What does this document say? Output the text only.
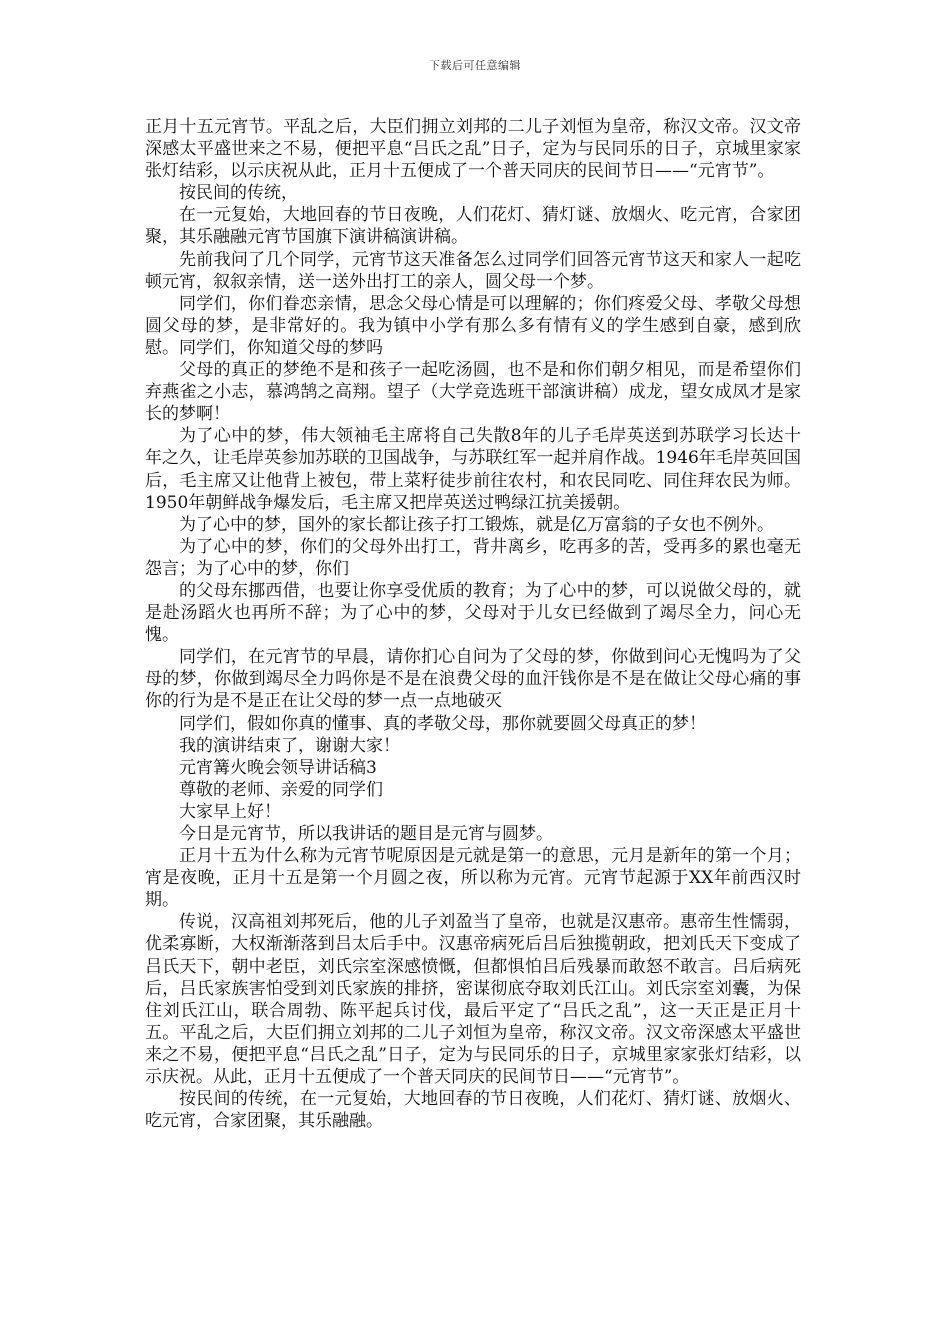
下载后可任意编辑

正月十五元宵节。平乱之后，大臣们拥立刘邦的二儿子刘恒为皇帝，称汉文帝。汉文帝深感太平盛世来之不易，便把平息“吕氏之乱”日子，定为与民同乐的日子，京城里家家张灯结彩，以示庆祝从此，正月十五便成了一个普天同庆的民间节日——“元宵节”。

按民间的传统，

在一元复始，大地回春的节日夜晚，人们花灯、猜灯谜、放烟火、吃元宵，合家团聚，其乐融融元宵节国旗下演讲稿演讲稿。

先前我问了几个同学，元宵节这天准备怎么过同学们回答元宵节这天和家人一起吃顿元宵，叙叙亲情，送一送外出打工的亲人，圆父母一个梦。

同学们，你们眷恋亲情，思念父母心情是可以理解的；你们疼爱父母、孝敬父母想圆父母的梦，是非常好的。我为镇中小学有那么多有情有义的学生感到自豪，感到欣慰。同学们，你知道父母的梦吗

父母的真正的梦绝不是和孩子一起吃汤圆，也不是和你们朝夕相见，而是希望你们弃燕雀之小志，慕鸿鹄之高翔。望子（大学竞选班干部演讲稿）成龙，望女成凤才是家长的梦啊！

为了心中的梦，伟大领袖毛主席将自己失散8年的儿子毛岸英送到苏联学习长达十年之久，让毛岸英参加苏联的卫国战争，与苏联红军一起并肩作战。1946年毛岸英回国后，毛主席又让他背上被包，带上菜籽徒步前往农村，和农民同吃、同住拜农民为师。1950年朝鲜战争爆发后，毛主席又把岸英送过鸭绿江抗美援朝。

为了心中的梦，国外的家长都让孩子打工锻炼，就是亿万富翁的子女也不例外。

为了心中的梦，你们的父母外出打工，背井离乡，吃再多的苦，受再多的累也毫无怨言；为了心中的梦，你们

的父母东挪西借，也要让你享受优质的教育；为了心中的梦，可以说做父母的，就是赴汤蹈火也再所不辞；为了心中的梦，父母对于儿女已经做到了竭尽全力，问心无愧。

同学们，在元宵节的早晨，请你扪心自问为了父母的梦，你做到问心无愧吗为了父母的梦，你做到竭尽全力吗你是不是在浪费父母的血汗钱你是不是在做让父母心痛的事你的行为是不是正在让父母的梦一点一点地破灭

同学们，假如你真的懂事、真的孝敬父母，那你就要圆父母真正的梦！

我的演讲结束了，谢谢大家！

元宵篝火晚会领导讲话稿3

尊敬的老师、亲爱的同学们

大家早上好！

今日是元宵节，所以我讲话的题目是元宵与圆梦。

正月十五为什么称为元宵节呢原因是元就是第一的意思，元月是新年的第一个月；宵是夜晚，正月十五是第一个月圆之夜，所以称为元宵。元宵节起源于XX年前西汉时期。

传说，汉高祖刘邦死后，他的儿子刘盈当了皇帝，也就是汉惠帝。惠帝生性懦弱，优柔寡断，大权渐渐落到吕太后手中。汉惠帝病死后吕后独揽朝政，把刘氏天下变成了吕氏天下，朝中老臣，刘氏宗室深感愤慨，但都惧怕吕后残暴而敢怒不敢言。吕后病死后，吕氏家族害怕受到刘氏家族的排挤，密谋彻底夺取刘氏江山。刘氏宗室刘囊，为保住刘氏江山，联合周勃、陈平起兵讨伐，最后平定了“吕氏之乱”，这一天正是正月十五。平乱之后，大臣们拥立刘邦的二儿子刘恒为皇帝，称汉文帝。汉文帝深感太平盛世来之不易，便把平息“吕氏之乱”日子，定为与民同乐的日子，京城里家家张灯结彩，以示庆祝。从此，正月十五便成了一个普天同庆的民间节日——“元宵节”。

按民间的传统，在一元复始，大地回春的节日夜晚，人们花灯、猜灯谜、放烟火、吃元宵，合家团聚，其乐融融。
